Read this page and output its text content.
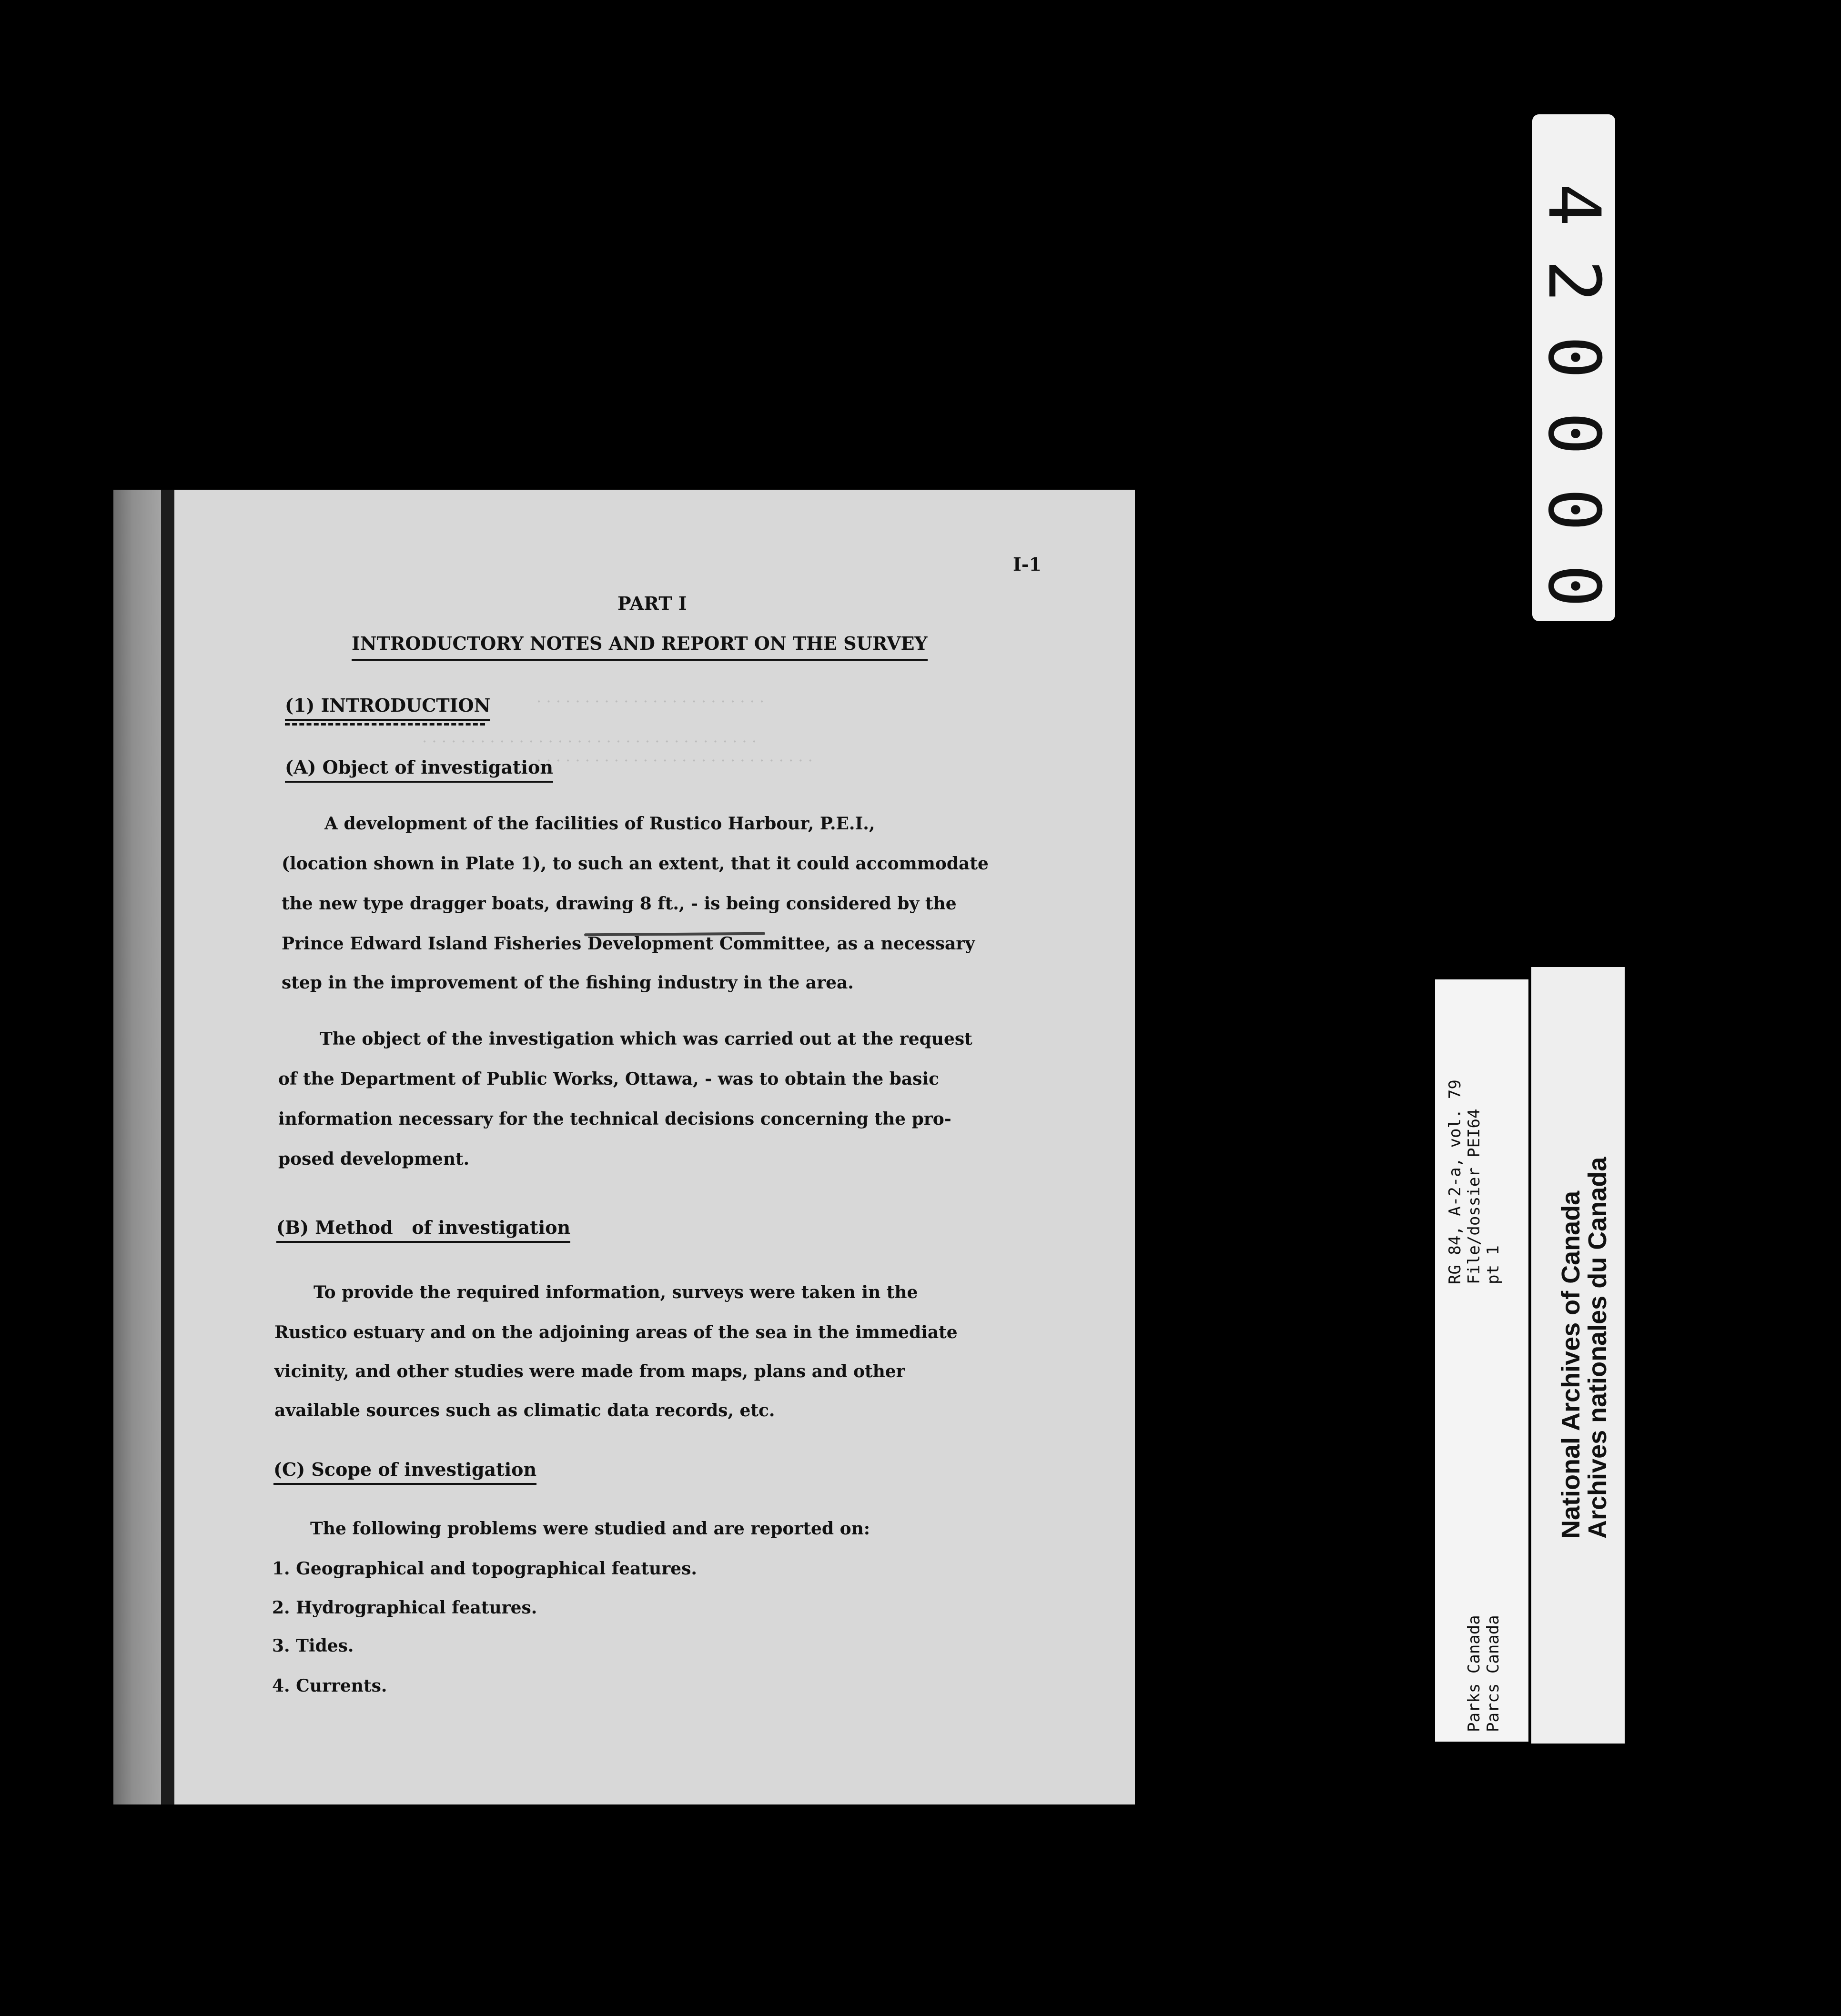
. . . . . . . . . . . . . . . . . . . . . . . .
. . . . . . . . . . . . . . . . . . . . . . . . . . . . . . . . . . .
. . . . . . . . . . . . . . . . . . . . . . . . . . . . .
I-1
PART I
INTRODUCTORY NOTES AND REPORT ON THE SURVEY
(1) INTRODUCTION
(A) Object of investigation
A development of the facilities of Rustico Harbour, P.E.I.,
(location shown in Plate 1), to such an extent, that it could accommodate
the new type dragger boats, drawing 8 ft., - is being considered by the
Prince Edward Island Fisheries Development Committee, as a necessary
step in the improvement of the fishing industry in the area.
The object of the investigation which was carried out at the request
of the Department of Public Works, Ottawa, - was to obtain the basic
information necessary for the technical decisions concerning the pro-
posed development.
(B) Method   of investigation
To provide the required information, surveys were taken in the
Rustico estuary and on the adjoining areas of the sea in the immediate
vicinity, and other studies were made from maps, plans and other
available sources such as climatic data records, etc.
(C) Scope of investigation
The following problems were studied and are reported on:
1. Geographical and topographical features.
2. Hydrographical features.
3. Tides.
4. Currents.
0
0
0
0
2
4
RG 84, A-2-a, vol. 79 File/dossier PEI64 pt 1
Parks Canada Parcs Canada
National Archives of Canada
Archives nationales du Canada
